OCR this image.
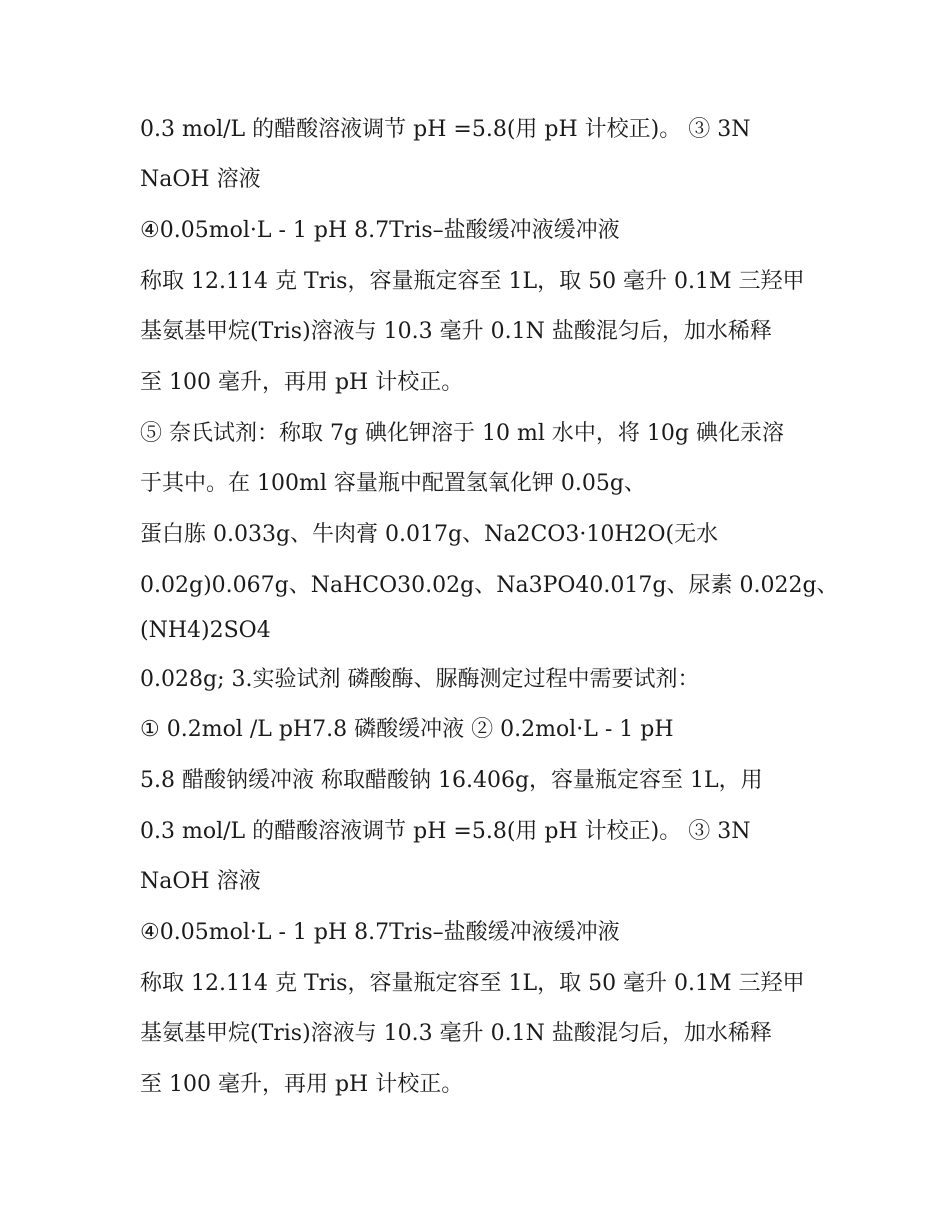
0.3 mol/L 的醋酸溶液调节 pH =5.8(用 pH 计校正)。 ③ 3N
NaOH 溶液
④0.05mol·L - 1 pH 8.7Tris–盐酸缓冲液缓冲液
称取 12.114 克 Tris，容量瓶定容至 1L，取 50 毫升 0.1M 三羟甲
基氨基甲烷(Tris)溶液与 10.3 毫升 0.1N 盐酸混匀后，加水稀释
至 100 毫升，再用 pH 计校正。
⑤ 奈氏试剂：称取 7g 碘化钾溶于 10 ml 水中，将 10g 碘化汞溶
于其中。在 100ml 容量瓶中配置氢氧化钾 0.05g、
蛋白胨 0.033g、牛肉膏 0.017g、Na2CO3·10H2O(无水
0.02g)0.067g、NaHCO30.02g、Na3PO40.017g、尿素 0.022g、
(NH4)2SO4
0.028g; 3.实验试剂 磷酸酶、脲酶测定过程中需要试剂：
① 0.2mol /L pH7.8 磷酸缓冲液 ② 0.2mol·L - 1 pH
5.8 醋酸钠缓冲液 称取醋酸钠 16.406g，容量瓶定容至 1L，用
0.3 mol/L 的醋酸溶液调节 pH =5.8(用 pH 计校正)。 ③ 3N
NaOH 溶液
④0.05mol·L - 1 pH 8.7Tris–盐酸缓冲液缓冲液
称取 12.114 克 Tris，容量瓶定容至 1L，取 50 毫升 0.1M 三羟甲
基氨基甲烷(Tris)溶液与 10.3 毫升 0.1N 盐酸混匀后，加水稀释
至 100 毫升，再用 pH 计校正。
